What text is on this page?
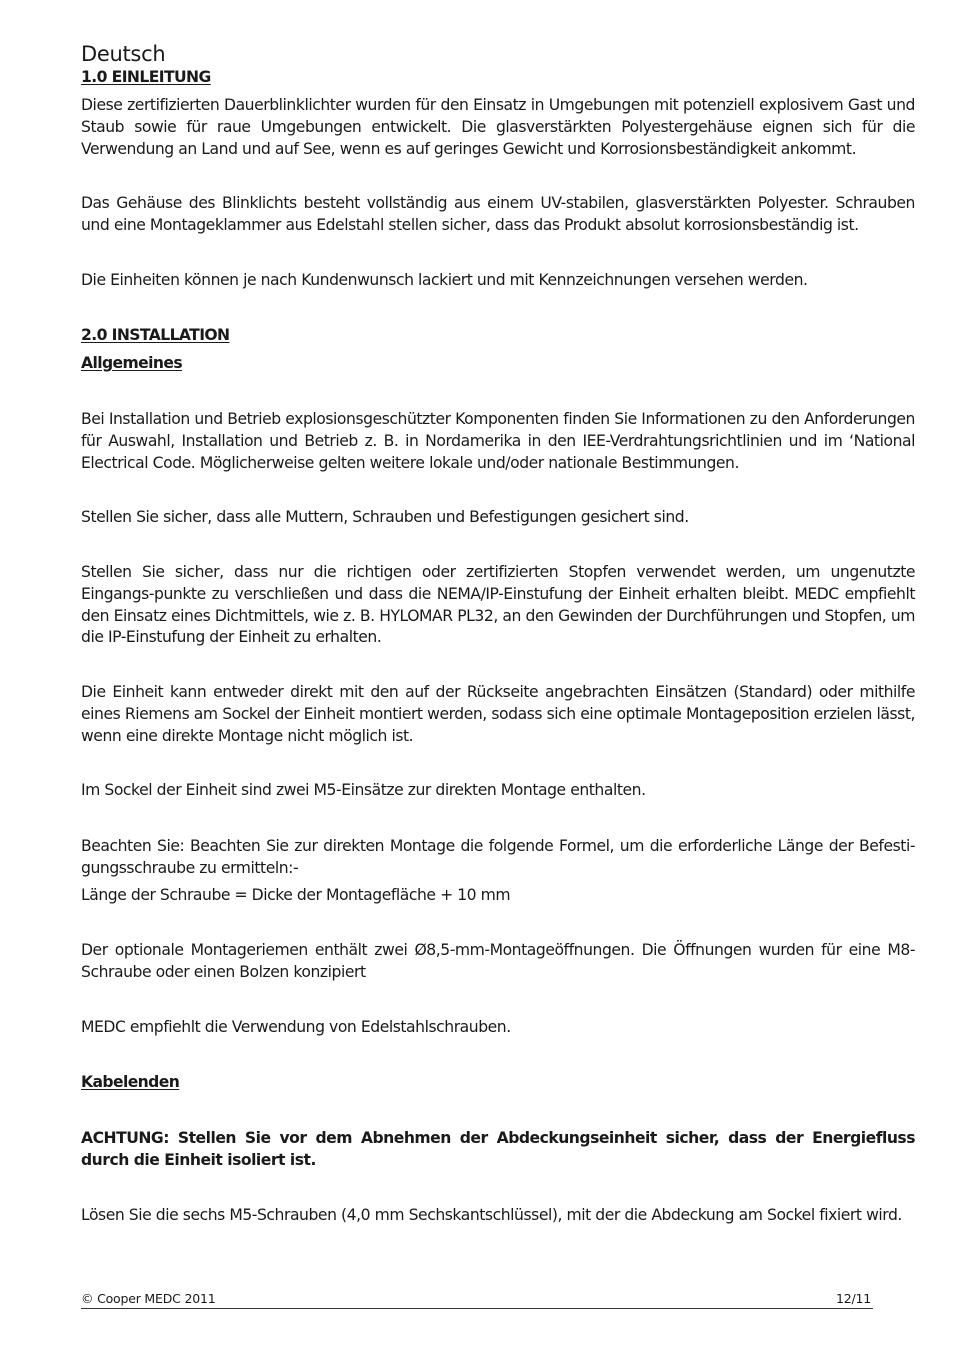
Deutsch
1.0 EINLEITUNG

Diese zertifizierten Dauerblinklichter wurden für den Einsatz in Umgebungen mit potenziell explosivem Gast und Staub sowie für raue Umgebungen entwickelt. Die glasverstärkten Polyestergehäuse eignen sich für die Verwendung an Land und auf See, wenn es auf geringes Gewicht und Korrosionsbeständigkeit ankommt.

Das Gehäuse des Blinklichts besteht vollständig aus einem UV-stabilen, glasverstärkten Polyester. Schrauben und eine Montageklammer aus Edelstahl stellen sicher, dass das Produkt absolut korrosionsbeständig ist.

Die Einheiten können je nach Kundenwunsch lackiert und mit Kennzeichnungen versehen werden.

2.0 INSTALLATION
Allgemeines

Bei Installation und Betrieb explosionsgeschützter Komponenten finden Sie Informationen zu den Anforderungen für Auswahl, Installation und Betrieb z. B. in Nordamerika in den IEE-Verdrahtungsrichtlinien und im ‘National Electrical Code. Möglicherweise gelten weitere lokale und/oder nationale Bestimmungen.

Stellen Sie sicher, dass alle Muttern, Schrauben und Befestigungen gesichert sind.

Stellen Sie sicher, dass nur die richtigen oder zertifizierten Stopfen verwendet werden, um ungenutzte Eingangs-punkte zu verschließen und dass die NEMA/IP-Einstufung der Einheit erhalten bleibt. MEDC empfiehlt den Einsatz eines Dichtmittels, wie z. B. HYLOMAR PL32, an den Gewinden der Durchführungen und Stopfen, um die IP-Einstufung der Einheit zu erhalten.

Die Einheit kann entweder direkt mit den auf der Rückseite angebrachten Einsätzen (Standard) oder mithilfe eines Riemens am Sockel der Einheit montiert werden, sodass sich eine optimale Montageposition erzielen lässt, wenn eine direkte Montage nicht möglich ist.

Im Sockel der Einheit sind zwei M5-Einsätze zur direkten Montage enthalten.

Beachten Sie: Beachten Sie zur direkten Montage die folgende Formel, um die erforderliche Länge der Befesti-gungsschraube zu ermitteln:-

Länge der Schraube = Dicke der Montagefläche + 10 mm

Der optionale Montageriemen enthält zwei Ø8,5-mm-Montageöffnungen. Die Öffnungen wurden für eine M8-Schraube oder einen Bolzen konzipiert

MEDC empfiehlt die Verwendung von Edelstahlschrauben.

Kabelenden

ACHTUNG: Stellen Sie vor dem Abnehmen der Abdeckungseinheit sicher, dass der Energiefluss durch die Einheit isoliert ist.

Lösen Sie die sechs M5-Schrauben (4,0 mm Sechskantschlüssel), mit der die Abdeckung am Sockel fixiert wird.

© Cooper MEDC 2011	12/11
